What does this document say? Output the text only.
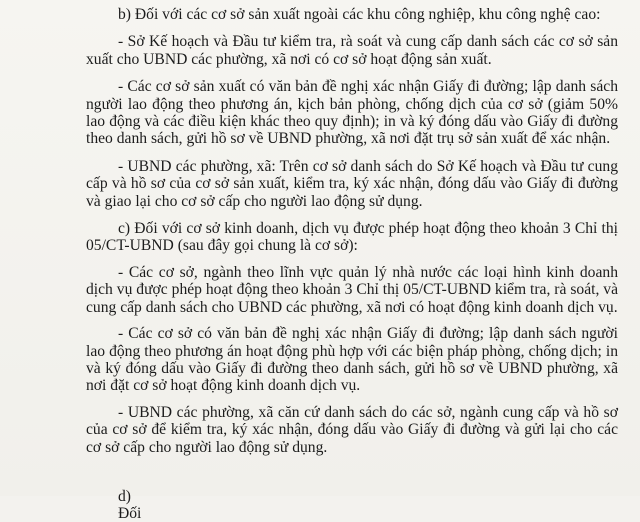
b) Đối với các cơ sở sản xuất ngoài các khu công nghiệp, khu công nghệ cao:

- Sở Kế hoạch và Đầu tư kiểm tra, rà soát và cung cấp danh sách các cơ sở sản xuất cho UBND các phường, xã nơi có cơ sở hoạt động sản xuất.

- Các cơ sở sản xuất có văn bản đề nghị xác nhận Giấy đi đường; lập danh sách người lao động theo phương án, kịch bản phòng, chống dịch của cơ sở (giảm 50% lao động và các điều kiện khác theo quy định); in và ký đóng dấu vào Giấy đi đường theo danh sách, gửi hồ sơ về UBND phường, xã nơi đặt trụ sở sản xuất để xác nhận.

- UBND các phường, xã: Trên cơ sở danh sách do Sở Kế hoạch và Đầu tư cung cấp và hồ sơ của cơ sở sản xuất, kiểm tra, ký xác nhận, đóng dấu vào Giấy đi đường và giao lại cho cơ sở cấp cho người lao động sử dụng.

c) Đối với cơ sở kinh doanh, dịch vụ được phép hoạt động theo khoản 3 Chỉ thị 05/CT-UBND (sau đây gọi chung là cơ sở):

- Các cơ sở, ngành theo lĩnh vực quản lý nhà nước các loại hình kinh doanh dịch vụ được phép hoạt động theo khoản 3 Chỉ thị 05/CT-UBND kiểm tra, rà soát, và cung cấp danh sách cho UBND các phường, xã nơi có hoạt động kinh doanh dịch vụ.

- Các cơ sở có văn bản đề nghị xác nhận Giấy đi đường; lập danh sách người lao động theo phương án hoạt động phù hợp với các biện pháp phòng, chống dịch; in và ký đóng dấu vào Giấy đi đường theo danh sách, gửi hồ sơ về UBND phường, xã nơi đặt cơ sở hoạt động kinh doanh dịch vụ.

- UBND các phường, xã căn cứ danh sách do các sở, ngành cung cấp và hồ sơ của cơ sở để kiểm tra, ký xác nhận, đóng dấu vào Giấy đi đường và gửi lại cho các cơ sở cấp cho người lao động sử dụng.

d) Đối
